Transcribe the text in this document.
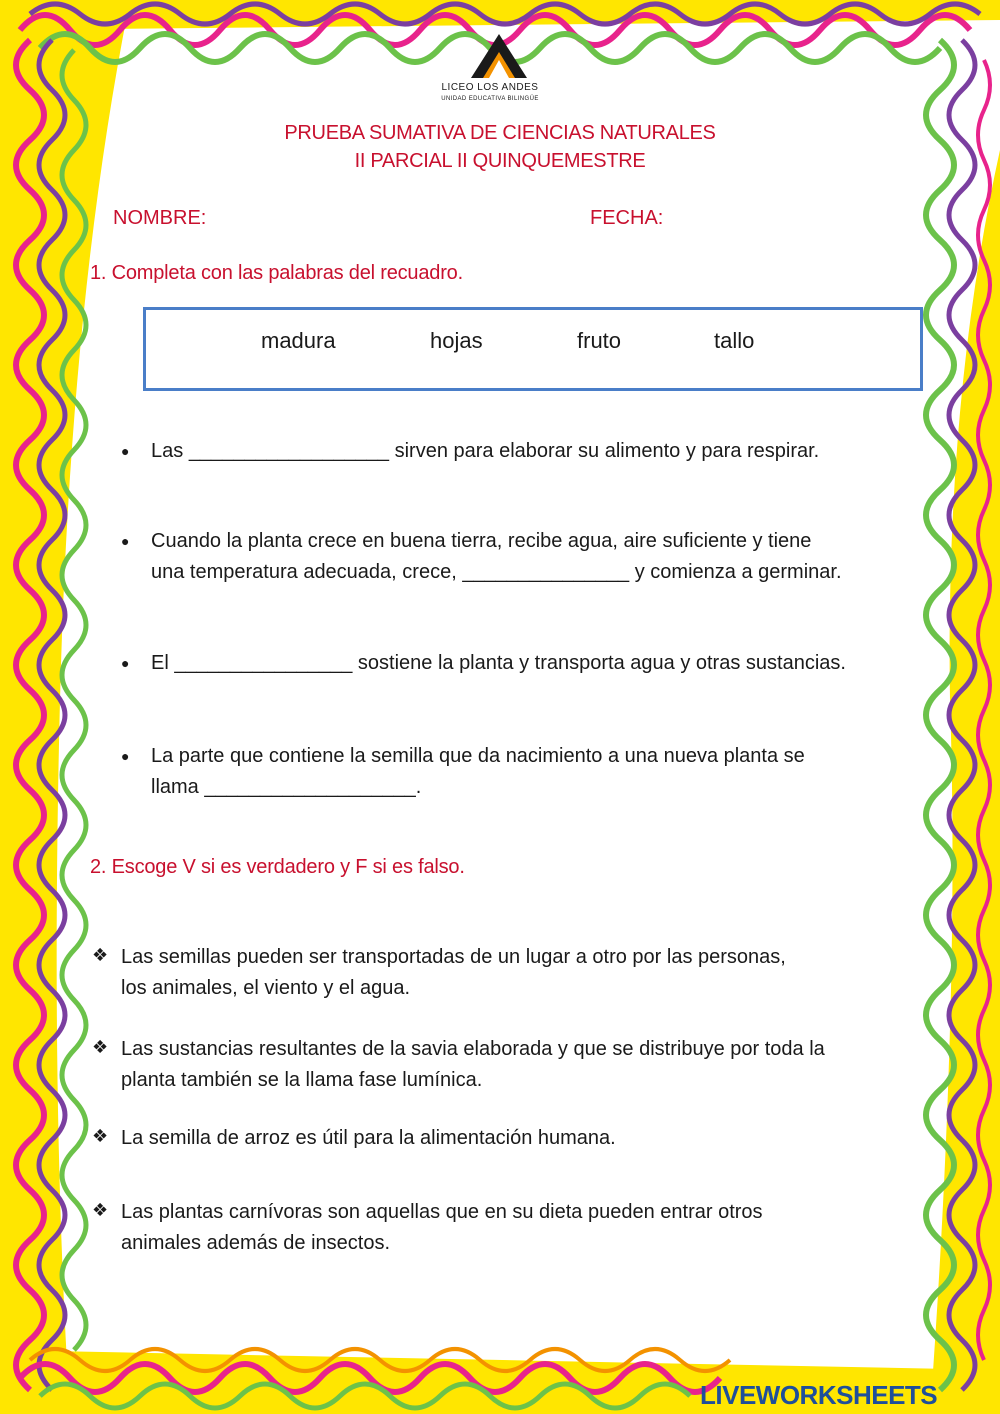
LICEO LOS ANDES
UNIDAD EDUCATIVA BILINGÜE
PRUEBA SUMATIVA DE CIENCIAS NATURALES
II PARCIAL II QUINQUEMESTRE
NOMBRE:	FECHA:
1. Completa con las palabras del recuadro.
madura	hojas	fruto	tallo
● Las __________________ sirven para elaborar su alimento y para respirar.
● Cuando la planta crece en buena tierra, recibe agua, aire suficiente y tiene
una temperatura adecuada, crece, _______________ y comienza a germinar.
● El ________________ sostiene la planta y transporta agua y otras sustancias.
● La parte que contiene la semilla que da nacimiento a una nueva planta se
llama ___________________.
2. Escoge V si es verdadero y F si es falso.
❖ Las semillas pueden ser transportadas de un lugar a otro por las personas,
los animales, el viento y el agua.
❖ Las sustancias resultantes de la savia elaborada y que se distribuye por toda la
planta también se la llama fase lumínica.
❖ La semilla de arroz es útil para la alimentación humana.
❖ Las plantas carnívoras son aquellas que en su dieta pueden entrar otros
animales además de insectos.
LIVEWORKSHEETS
